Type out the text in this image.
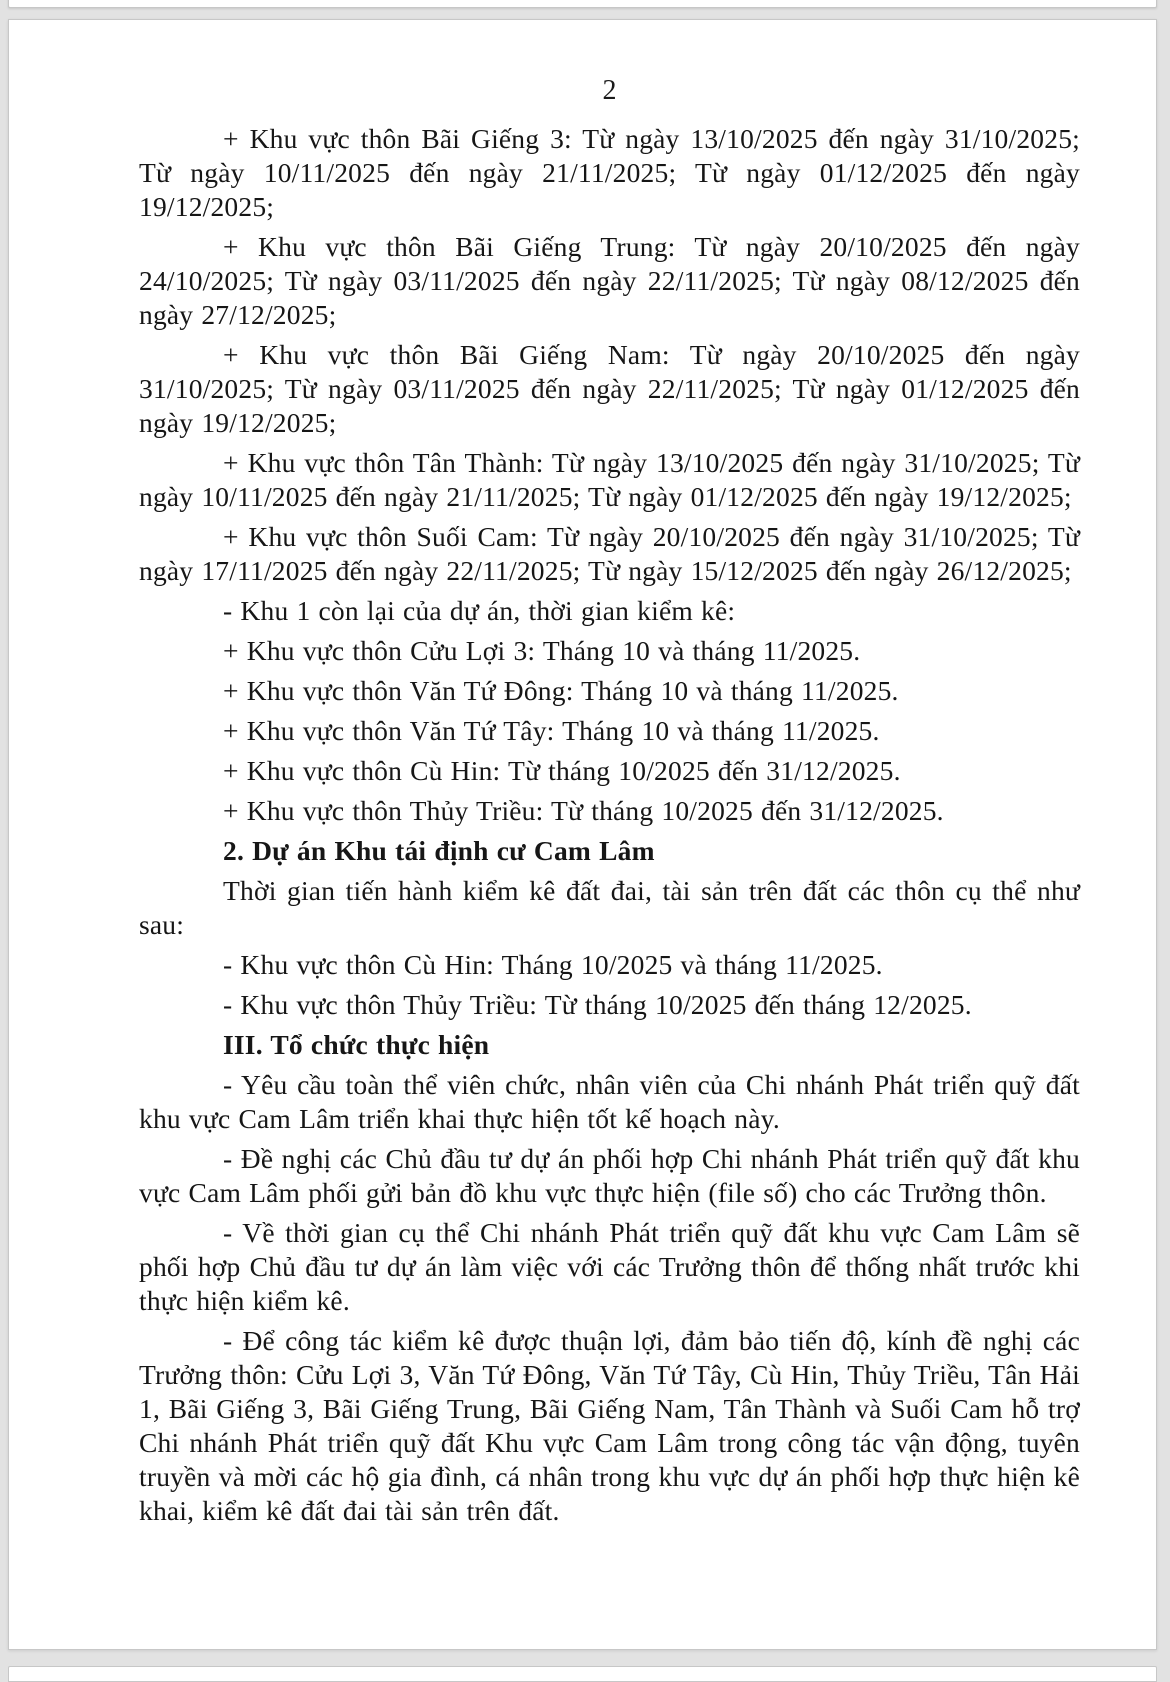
2

+ Khu vực thôn Bãi Giếng 3: Từ ngày 13/10/2025 đến ngày 31/10/2025; Từ ngày 10/11/2025 đến ngày 21/11/2025; Từ ngày 01/12/2025 đến ngày 19/12/2025;

+ Khu vực thôn Bãi Giếng Trung: Từ ngày 20/10/2025 đến ngày 24/10/2025; Từ ngày 03/11/2025 đến ngày 22/11/2025; Từ ngày 08/12/2025 đến ngày 27/12/2025;

+ Khu vực thôn Bãi Giếng Nam: Từ ngày 20/10/2025 đến ngày 31/10/2025; Từ ngày 03/11/2025 đến ngày 22/11/2025; Từ ngày 01/12/2025 đến ngày 19/12/2025;

+ Khu vực thôn Tân Thành: Từ ngày 13/10/2025 đến ngày 31/10/2025; Từ ngày 10/11/2025 đến ngày 21/11/2025; Từ ngày 01/12/2025 đến ngày 19/12/2025;

+ Khu vực thôn Suối Cam: Từ ngày 20/10/2025 đến ngày 31/10/2025; Từ ngày 17/11/2025 đến ngày 22/11/2025; Từ ngày 15/12/2025 đến ngày 26/12/2025;

- Khu 1 còn lại của dự án, thời gian kiểm kê:

+ Khu vực thôn Cửu Lợi 3: Tháng 10 và tháng 11/2025.

+ Khu vực thôn Văn Tứ Đông: Tháng 10 và tháng 11/2025.

+ Khu vực thôn Văn Tứ Tây: Tháng 10 và tháng 11/2025.

+ Khu vực thôn Cù Hin: Từ tháng 10/2025 đến 31/12/2025.

+ Khu vực thôn Thủy Triều: Từ tháng 10/2025 đến 31/12/2025.

2. Dự án Khu tái định cư Cam Lâm

Thời gian tiến hành kiểm kê đất đai, tài sản trên đất các thôn cụ thể như sau:

- Khu vực thôn Cù Hin: Tháng 10/2025 và tháng 11/2025.

- Khu vực thôn Thủy Triều: Từ tháng 10/2025 đến tháng 12/2025.

III. Tổ chức thực hiện

- Yêu cầu toàn thể viên chức, nhân viên của Chi nhánh Phát triển quỹ đất khu vực Cam Lâm triển khai thực hiện tốt kế hoạch này.

- Đề nghị các Chủ đầu tư dự án phối hợp Chi nhánh Phát triển quỹ đất khu vực Cam Lâm phối gửi bản đồ khu vực thực hiện (file số) cho các Trưởng thôn.

- Về thời gian cụ thể Chi nhánh Phát triển quỹ đất khu vực Cam Lâm sẽ phối hợp Chủ đầu tư dự án làm việc với các Trưởng thôn để thống nhất trước khi thực hiện kiểm kê.

- Để công tác kiểm kê được thuận lợi, đảm bảo tiến độ, kính đề nghị các Trưởng thôn: Cửu Lợi 3, Văn Tứ Đông, Văn Tứ Tây, Cù Hin, Thủy Triều, Tân Hải 1, Bãi Giếng 3, Bãi Giếng Trung, Bãi Giếng Nam, Tân Thành và Suối Cam hỗ trợ Chi nhánh Phát triển quỹ đất Khu vực Cam Lâm trong công tác vận động, tuyên truyền và mời các hộ gia đình, cá nhân trong khu vực dự án phối hợp thực hiện kê khai, kiểm kê đất đai tài sản trên đất.
